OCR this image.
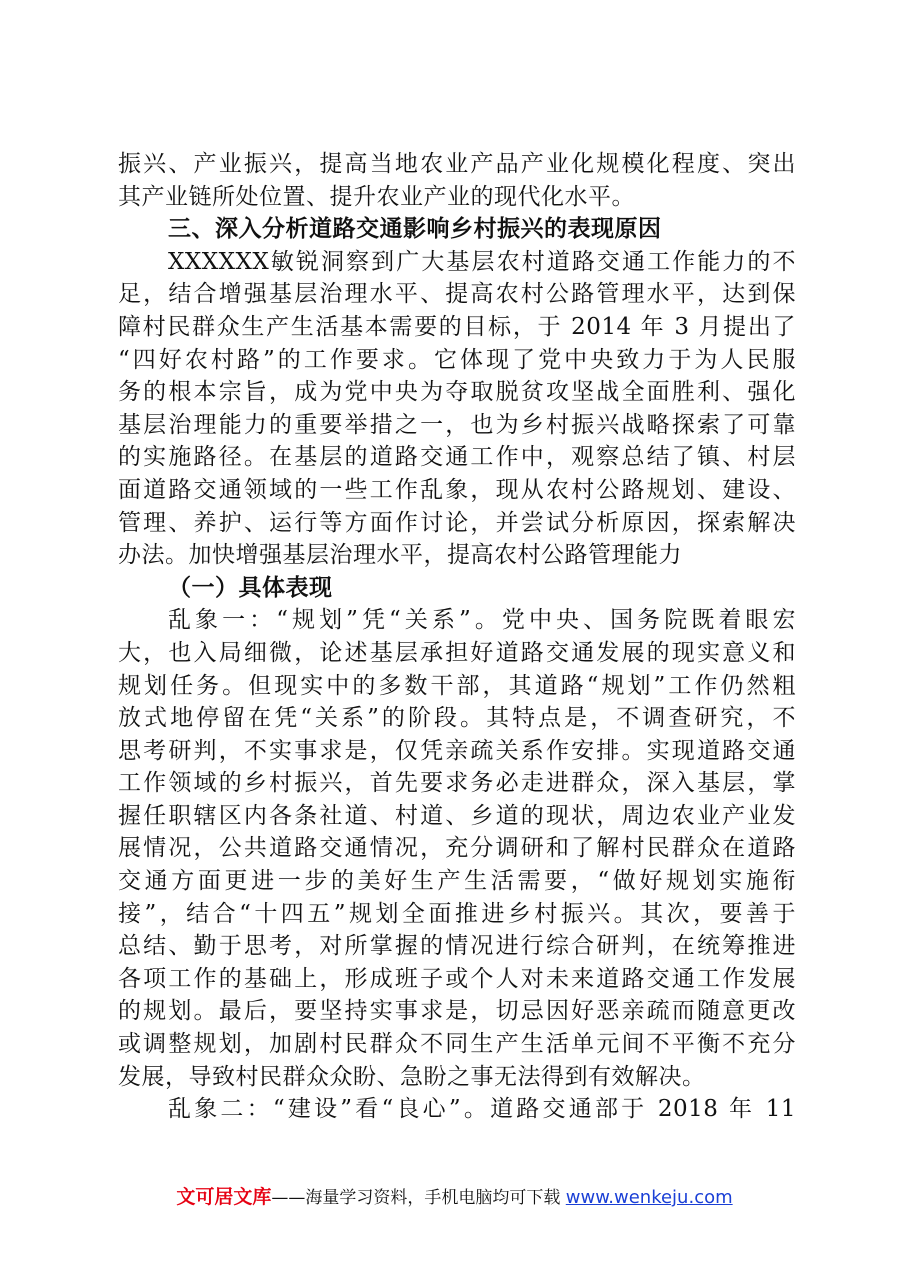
振兴、产业振兴，提高当地农业产品产业化规模化程度、突出
其产业链所处位置、提升农业产业的现代化水平。
三、深入分析道路交通影响乡村振兴的表现原因
XXXXXX敏锐洞察到广大基层农村道路交通工作能力的不
足，结合增强基层治理水平、提高农村公路管理水平，达到保
障村民群众生产生活基本需要的目标，于 2014 年 3 月提出了
“四好农村路”的工作要求。它体现了党中央致力于为人民服
务的根本宗旨，成为党中央为夺取脱贫攻坚战全面胜利、强化
基层治理能力的重要举措之一，也为乡村振兴战略探索了可靠
的实施路径。在基层的道路交通工作中，观察总结了镇、村层
面道路交通领域的一些工作乱象，现从农村公路规划、建设、
管理、养护、运行等方面作讨论，并尝试分析原因，探索解决
办法。加快增强基层治理水平，提高农村公路管理能力
（一）具体表现
乱象一：“规划”凭“关系”。党中央、国务院既着眼宏
大，也入局细微，论述基层承担好道路交通发展的现实意义和
规划任务。但现实中的多数干部，其道路“规划”工作仍然粗
放式地停留在凭“关系”的阶段。其特点是，不调查研究，不
思考研判，不实事求是，仅凭亲疏关系作安排。实现道路交通
工作领域的乡村振兴，首先要求务必走进群众，深入基层，掌
握任职辖区内各条社道、村道、乡道的现状，周边农业产业发
展情况，公共道路交通情况，充分调研和了解村民群众在道路
交通方面更进一步的美好生产生活需要，“做好规划实施衔
接”，结合“十四五”规划全面推进乡村振兴。其次，要善于
总结、勤于思考，对所掌握的情况进行综合研判，在统筹推进
各项工作的基础上，形成班子或个人对未来道路交通工作发展
的规划。最后，要坚持实事求是，切忌因好恶亲疏而随意更改
或调整规划，加剧村民群众不同生产生活单元间不平衡不充分
发展，导致村民群众众盼、急盼之事无法得到有效解决。
乱象二：“建设”看“良心”。道路交通部于 2018 年 11
文可居文库——海量学习资料，手机电脑均可下载 www.wenkeju.com
